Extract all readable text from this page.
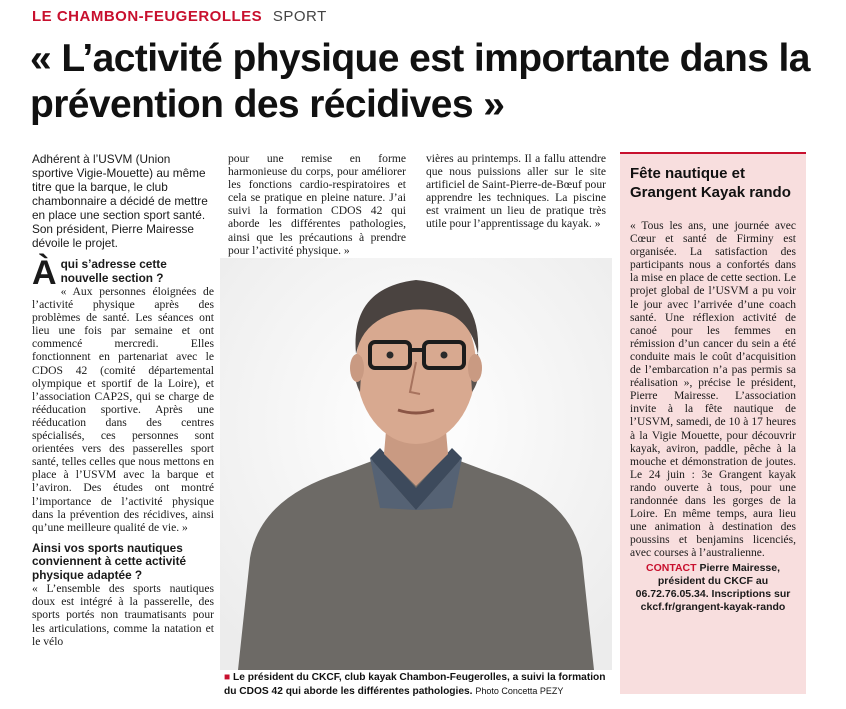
LE CHAMBON-FEUGEROLLES SPORT
« L’activité physique est importante dans la prévention des récidives »

Adhérent à l’USVM (Union sportive Vigie-Mouette) au même titre que la barque, le club chambonnaire a décidé de mettre en place une section sport santé. Son président, Pierre Mairesse dévoile le projet.

À qui s’adresse cette nouvelle section ?

« Aux personnes éloignées de l’activité physique après des problèmes de santé. Les séances ont lieu une fois par semaine et ont commencé mercredi. Elles fonctionnent en partenariat avec le CDOS 42 (comité départemental olympique et sportif de la Loire), et l’association CAP2S, qui se charge de rééducation sportive. Après une rééducation dans des centres spécialisés, ces personnes sont orientées vers des passerelles sport santé, telles celles que nous mettons en place à l’USVM avec la barque et l’aviron. Des études ont montré l’importance de l’activité physique dans la prévention des récidives, ainsi qu’une meilleure qualité de vie. »

Ainsi vos sports nautiques conviennent à cette activité physique adaptée ?

« L’ensemble des sports nautiques doux est intégré à la passerelle, des sports portés non traumatisants pour les articulations, comme la natation et le vélo

pour une remise en forme harmonieuse du corps, pour améliorer les fonctions cardio-respiratoires et cela se pratique en pleine nature. J’ai suivi la formation CDOS 42 qui aborde les différentes pathologies, ainsi que les précautions à prendre pour l’activité physique. »

vières au printemps. Il a fallu attendre que nous puissions aller sur le site artificiel de Saint-Pierre-de-Bœuf pour apprendre les techniques. La piscine est vraiment un lieu de pratique très utile pour l’apprentissage du kayak. »

■ Le président du CKCF, club kayak Chambon-Feugerolles, a suivi la formation du CDOS 42 qui aborde les différentes pathologies. Photo Concetta PEZY
Fête nautique et Grangent Kayak rando

« Tous les ans, une journée avec Cœur et santé de Firminy est organisée. La satisfaction des participants nous a confortés dans la mise en place de cette section. Le projet global de l’USVM a pu voir le jour avec l’arrivée d’une coach santé. Une réflexion activité de canoé pour les femmes en rémission d’un cancer du sein a été conduite mais le coût d’acquisition de l’embarcation n’a pas permis sa réalisation », précise le président, Pierre Mairesse. L’association invite à la fête nautique de l’USVM, samedi, de 10 à 17 heures à la Vigie Mouette, pour découvrir kayak, aviron, paddle, pêche à la mouche et démonstration de joutes. Le 24 juin : 3e Grangent kayak rando ouverte à tous, pour une randonnée dans les gorges de la Loire. En même temps, aura lieu une animation à destination des poussins et benjamins licenciés, avec courses à l’australienne.

CONTACT Pierre Mairesse, président du CKCF au 06.72.76.05.34. Inscriptions sur ckcf.fr/grangent-kayak-rando
